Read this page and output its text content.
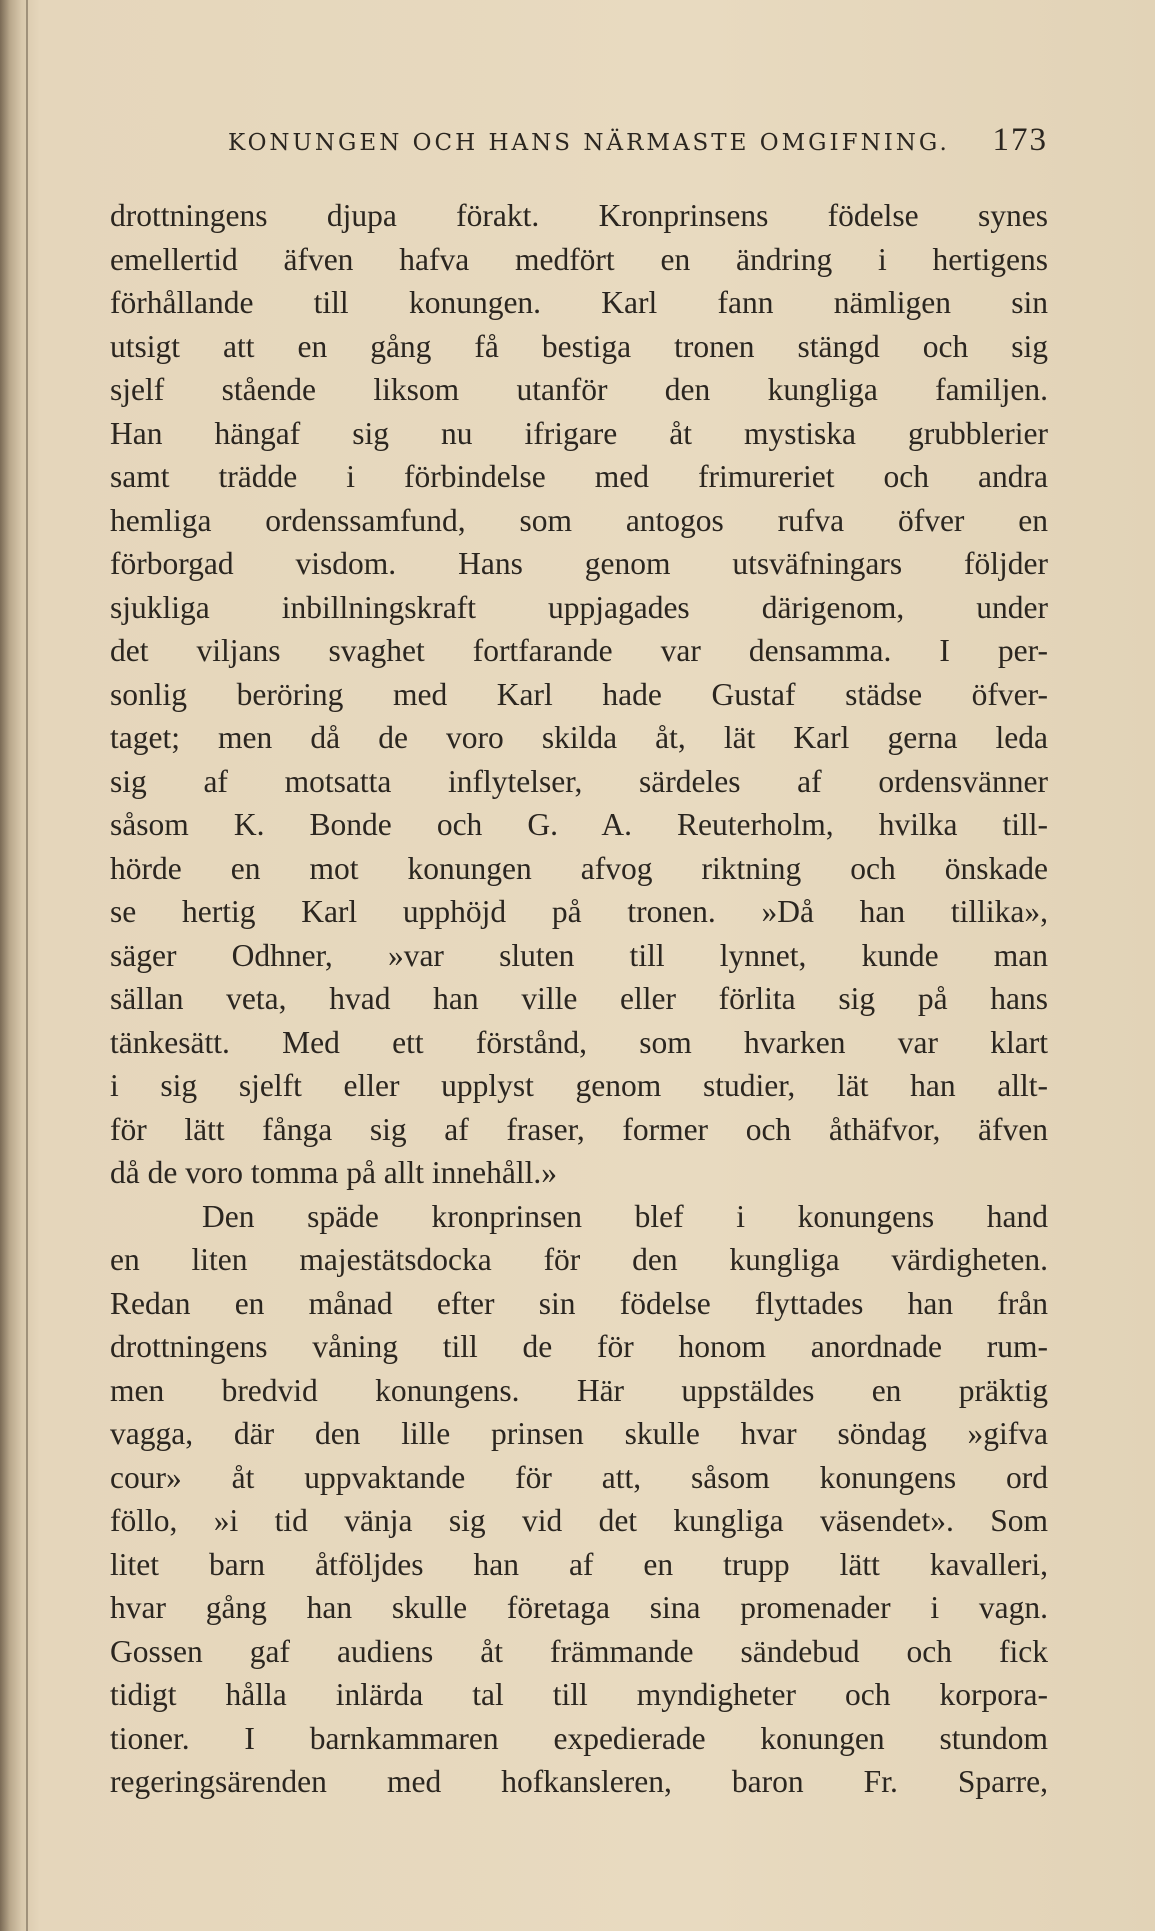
KONUNGEN OCH HANS NÄRMASTE OMGIFNING. 173
drottningens djupa förakt. Kronprinsens födelse synes
emellertid äfven hafva medfört en ändring i hertigens
förhållande till konungen. Karl fann nämligen sin
utsigt att en gång få bestiga tronen stängd och sig
sjelf stående liksom utanför den kungliga familjen.
Han hängaf sig nu ifrigare åt mystiska grubblerier
samt trädde i förbindelse med frimureriet och andra
hemliga ordenssamfund, som antogos rufva öfver en
förborgad visdom. Hans genom utsväfningars följder
sjukliga inbillningskraft uppjagades därigenom, under
det viljans svaghet fortfarande var densamma. I per-
sonlig beröring med Karl hade Gustaf städse öfver-
taget; men då de voro skilda åt, lät Karl gerna leda
sig af motsatta inflytelser, särdeles af ordensvänner
såsom K. Bonde och G. A. Reuterholm, hvilka till-
hörde en mot konungen afvog riktning och önskade
se hertig Karl upphöjd på tronen. »Då han tillika»,
säger Odhner, »var sluten till lynnet, kunde man
sällan veta, hvad han ville eller förlita sig på hans
tänkesätt. Med ett förstånd, som hvarken var klart
i sig sjelft eller upplyst genom studier, lät han allt-
för lätt fånga sig af fraser, former och åthäfvor, äfven
då de voro tomma på allt innehåll.»
Den späde kronprinsen blef i konungens hand
en liten majestätsdocka för den kungliga värdigheten.
Redan en månad efter sin födelse flyttades han från
drottningens våning till de för honom anordnade rum-
men bredvid konungens. Här uppstäldes en präktig
vagga, där den lille prinsen skulle hvar söndag »gifva
cour» åt uppvaktande för att, såsom konungens ord
föllo, »i tid vänja sig vid det kungliga väsendet». Som
litet barn åtföljdes han af en trupp lätt kavalleri,
hvar gång han skulle företaga sina promenader i vagn.
Gossen gaf audiens åt främmande sändebud och fick
tidigt hålla inlärda tal till myndigheter och korpora-
tioner. I barnkammaren expedierade konungen stundom
regeringsärenden med hofkansleren, baron Fr. Sparre,
